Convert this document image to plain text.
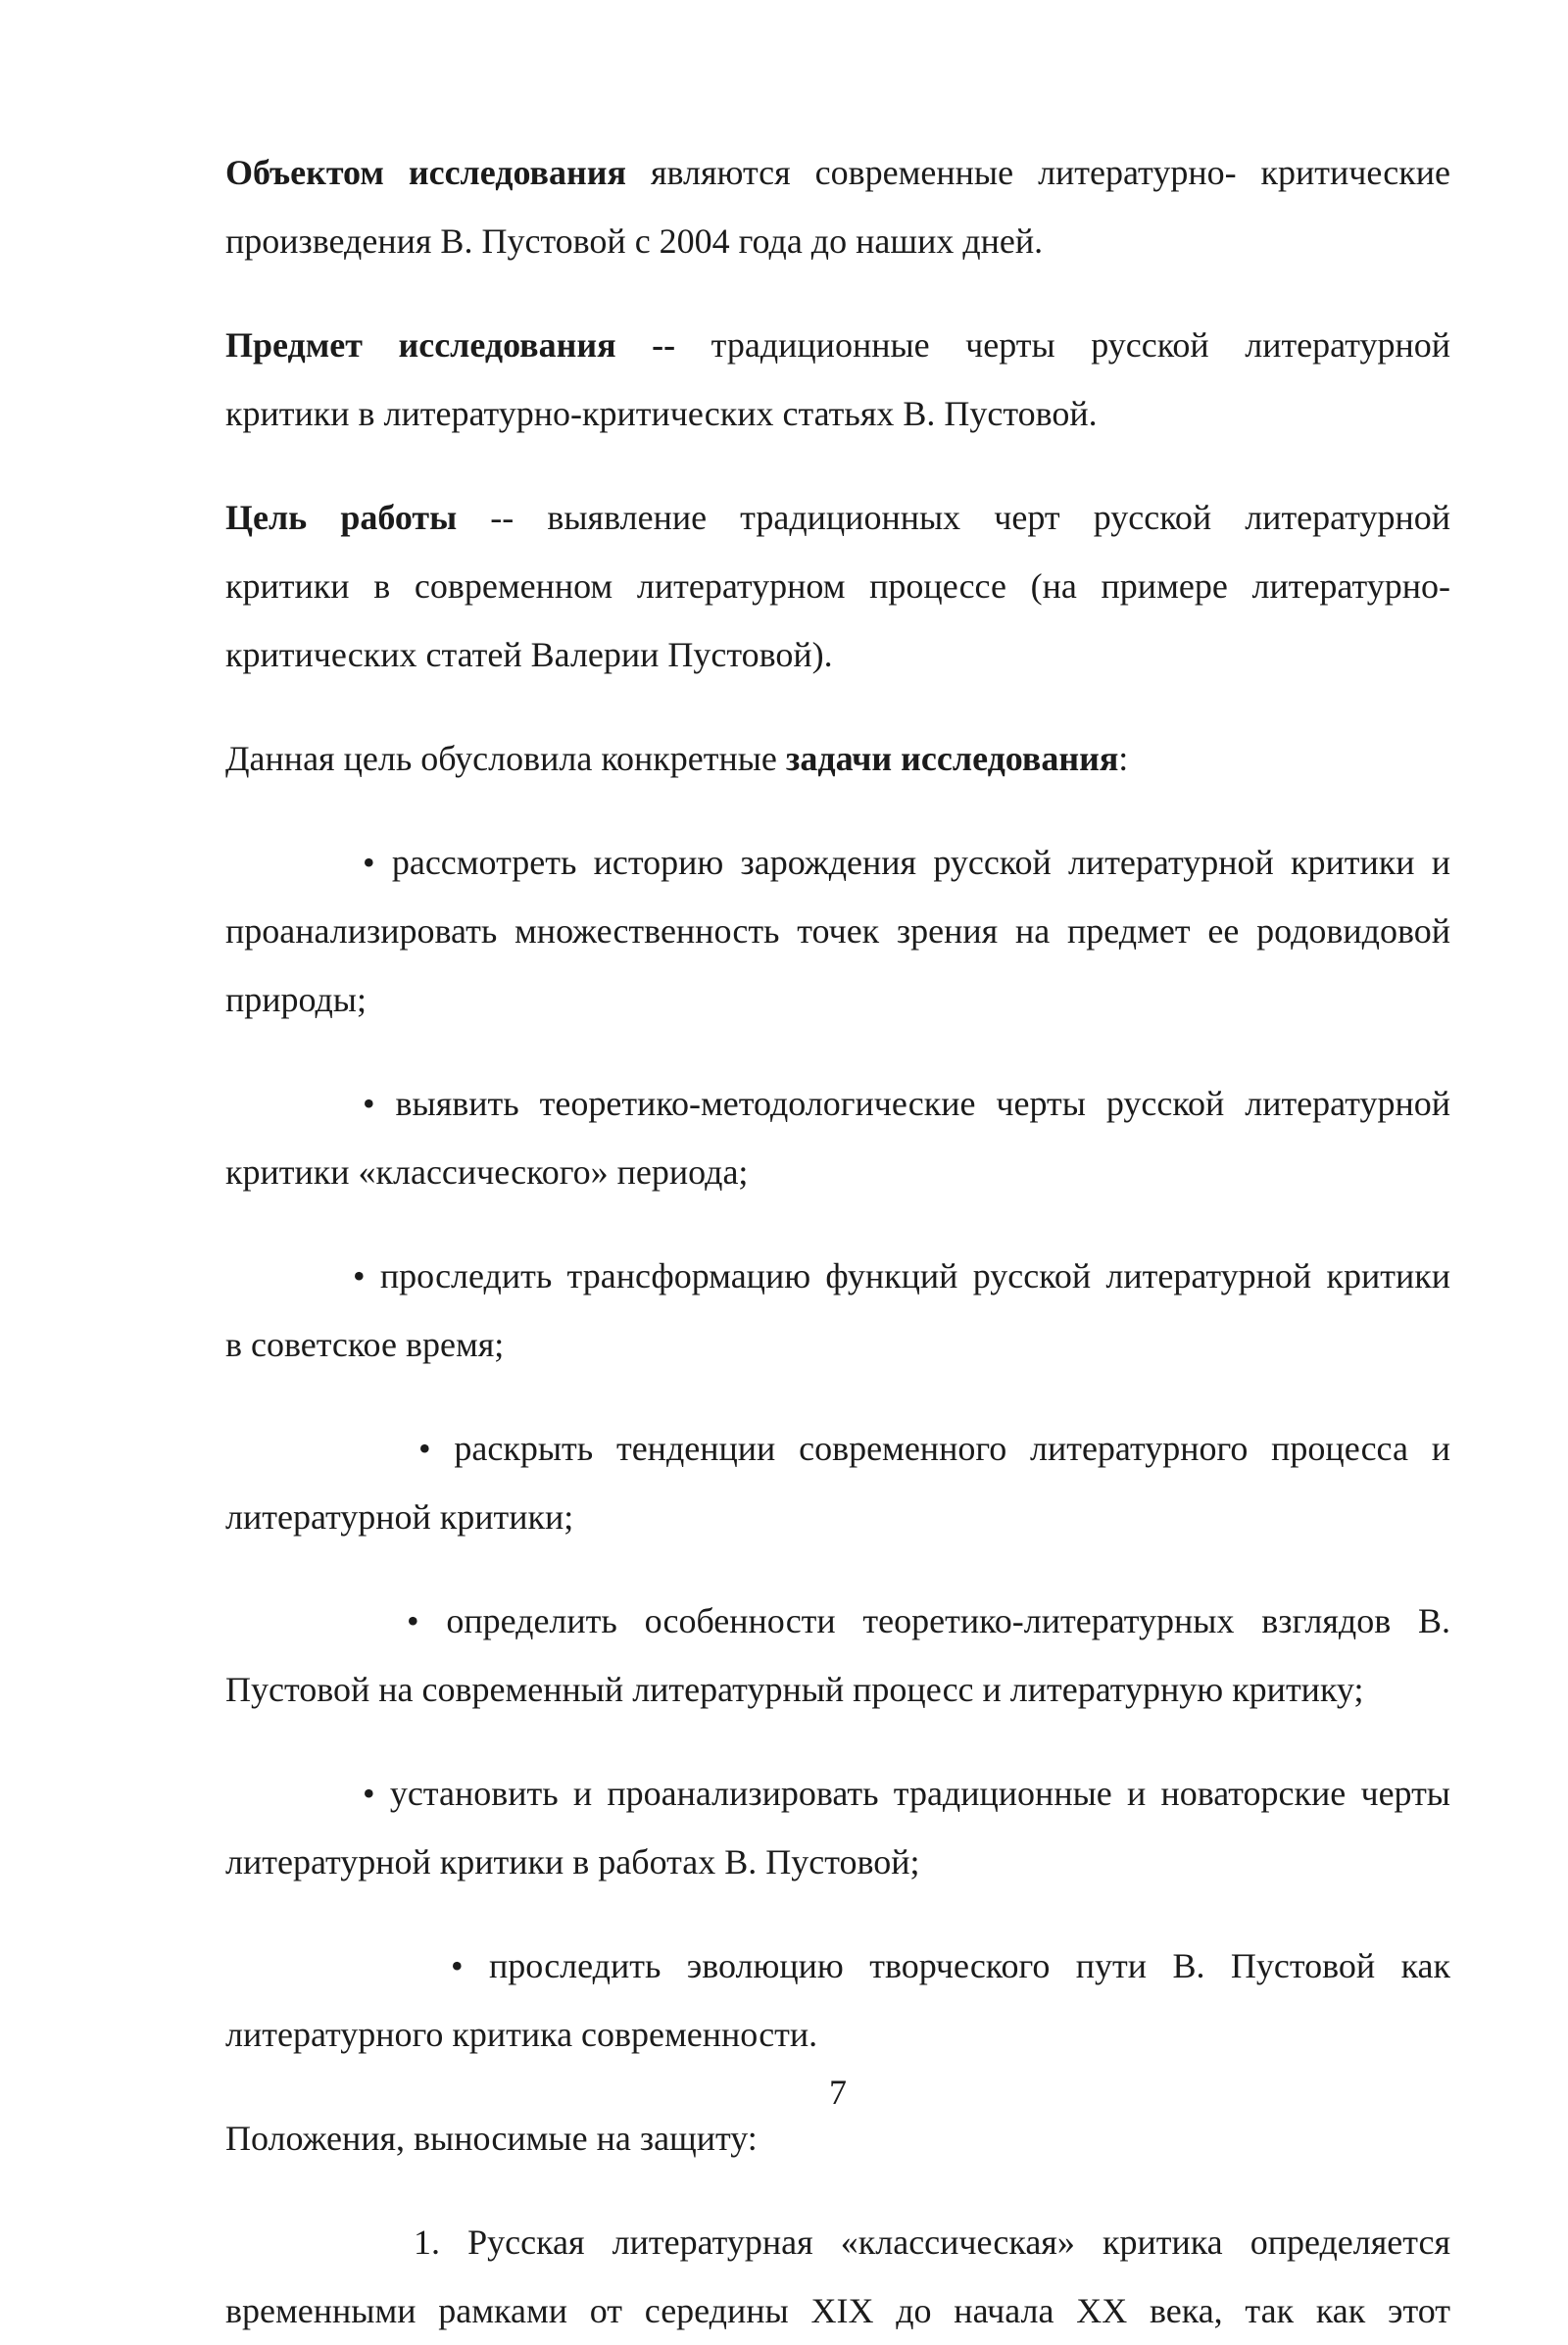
Объектом исследования являются современные литературно- критические
произведения В. Пустовой с 2004 года до наших дней.

Предмет исследования -- традиционные черты русской литературной
критики в литературно-критических статьях В. Пустовой.

Цель работы -- выявление традиционных черт русской литературной
критики в современном литературном процессе (на примере литературно-
критических статей Валерии Пустовой).

Данная цель обусловила конкретные задачи исследования:

• рассмотреть историю зарождения русской литературной критики и
проанализировать множественность точек зрения на предмет ее родовидовой
природы;

• выявить теоретико-методологические черты русской литературной
критики «классического» периода;

• проследить трансформацию функций русской литературной критики
в советское время;

• раскрыть тенденции современного литературного процесса и
литературной критики;

• определить особенности теоретико-литературных взглядов В.
Пустовой на современный литературный процесс и литературную критику;

• установить и проанализировать традиционные и новаторские черты
литературной критики в работах В. Пустовой;

• проследить эволюцию творческого пути В. Пустовой как
литературного критика современности.

Положения, выносимые на защиту:

1. Русская литературная «классическая» критика определяется
временными рамками от середины XIX до начала XX века, так как этот

7
